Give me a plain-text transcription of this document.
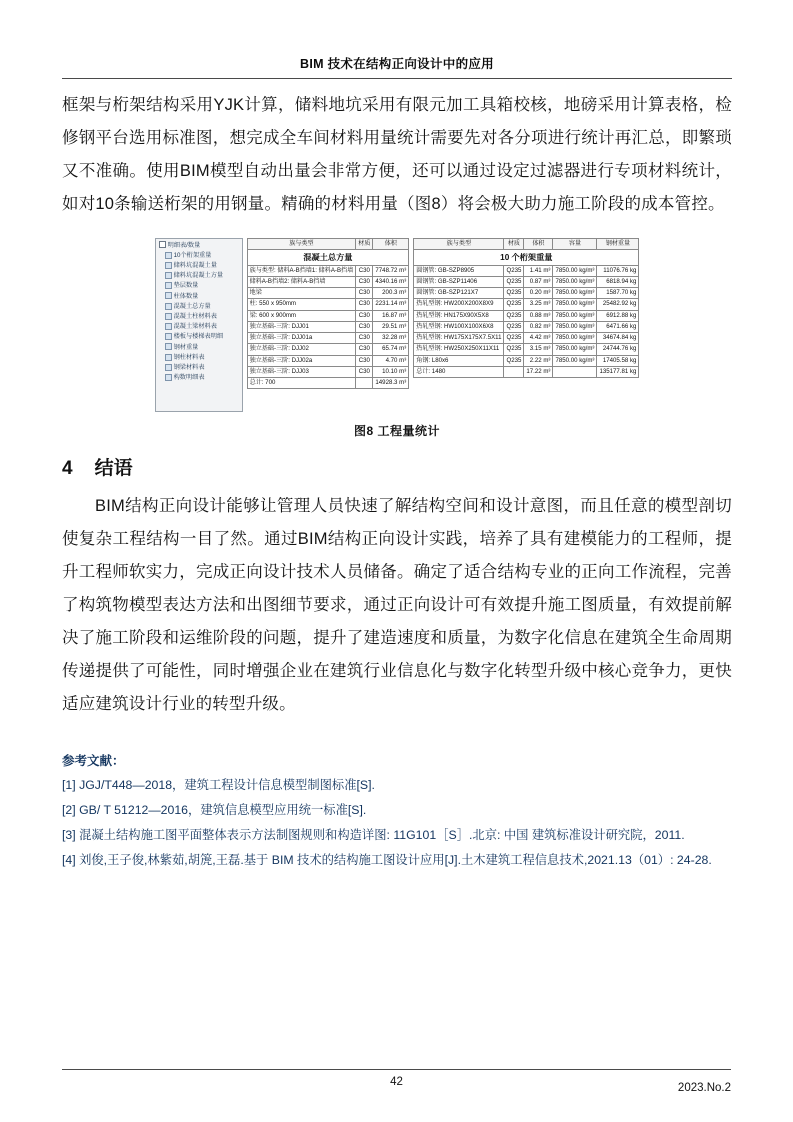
BIM 技术在结构正向设计中的应用

框架与桁架结构采用YJK计算，储料地坑采用有限元加工具箱校核，地磅采用计算表格，检修钢平台选用标准图，想完成全车间材料用量统计需要先对各分项进行统计再汇总，即繁琐又不准确。使用BIM模型自动出量会非常方便，还可以通过设定过滤器进行专项材料统计，如对10条输送桁架的用钢量。精确的材料用量（图8）将会极大助力施工阶段的成本管控。

明细表/数量
10个桁架重量
储料坑混凝土量
储料坑混凝土方量
垫层数量
柱体数量
混凝土总方量
混凝土柱材料表
混凝土梁材料表
楼板与楼梯表明细
钢材重量
钢柱材料表
钢梁材料表
构数明细表
混凝土总方量		
族与类型	材质	体积
族与类型: 储料A-B挡墙1: 储料A-B挡墙	C30	7748.72 m³
储料A-B挡墙2: 储料A-B挡墙	C30	4340.16 m³
地梁	C30	200.3 m³
柱: 550 x 950mm	C30	2231.14 m³
梁: 600 x 900mm	C30	16.87 m³
独立基础-三阶: DJJ01	C30	29.51 m³
独立基础-三阶: DJJ01a	C30	32.28 m³
独立基础-三阶: DJJ02	C30	65.74 m³
独立基础-三阶: DJJ02a	C30	4.70 m³
独立基础-三阶: DJJ03	C30	10.10 m³
总计: 700		14928.3 m³
10 个桁架重量				
族与类型	材质	体积	容量	钢材重量
圆钢管: GB-SZP8905	Q235	1.41 m³	7850.00 kg/m³	11076.76 kg
圆钢管: GB-SZP11406	Q235	0.87 m³	7850.00 kg/m³	6818.94 kg
圆钢管: GB-SZP121X7	Q235	0.20 m³	7850.00 kg/m³	1587.70 kg
热轧型钢: HW200X200X8X9	Q235	3.25 m³	7850.00 kg/m³	25482.92 kg
热轧型钢: HN175X90X5X8	Q235	0.88 m³	7850.00 kg/m³	6912.88 kg
热轧型钢: HW100X100X6X8	Q235	0.82 m³	7850.00 kg/m³	6471.66 kg
热轧型钢: HW175X175X7.5X11	Q235	4.42 m³	7850.00 kg/m³	34674.84 kg
热轧型钢: HW250X250X11X11	Q235	3.15 m³	7850.00 kg/m³	24744.76 kg
角钢: L80x6	Q235	2.22 m³	7850.00 kg/m³	17405.58 kg
总计: 1480		17.22 m³		135177.81 kg
图8 工程量统计
4 结语

BIM结构正向设计能够让管理人员快速了解结构空间和设计意图，而且任意的模型剖切使复杂工程结构一目了然。通过BIM结构正向设计实践，培养了具有建模能力的工程师，提升工程师软实力，完成正向设计技术人员储备。确定了适合结构专业的正向工作流程，完善了构筑物模型表达方法和出图细节要求，通过正向设计可有效提升施工图质量，有效提前解决了施工阶段和运维阶段的问题，提升了建造速度和质量，为数字化信息在建筑全生命周期传递提供了可能性，同时增强企业在建筑行业信息化与数字化转型升级中核心竞争力，更快适应建筑设计行业的转型升级。

参考文献：
[1] JGJ/T448—2018，建筑工程设计信息模型制图标准[S].
[2] GB/ T 51212—2016，建筑信息模型应用统一标准[S].
[3] 混凝土结构施工图平面整体表示方法制图规则和构造详图: 11G101［S］.北京: 中国 建筑标准设计研究院，2011.
[4] 刘俊,王子俊,林紫茹,胡箎,王磊.基于 BIM 技术的结构施工图设计应用[J].土木建筑工程信息技术,2021.13（01）: 24-28.
42	2023.No.2
